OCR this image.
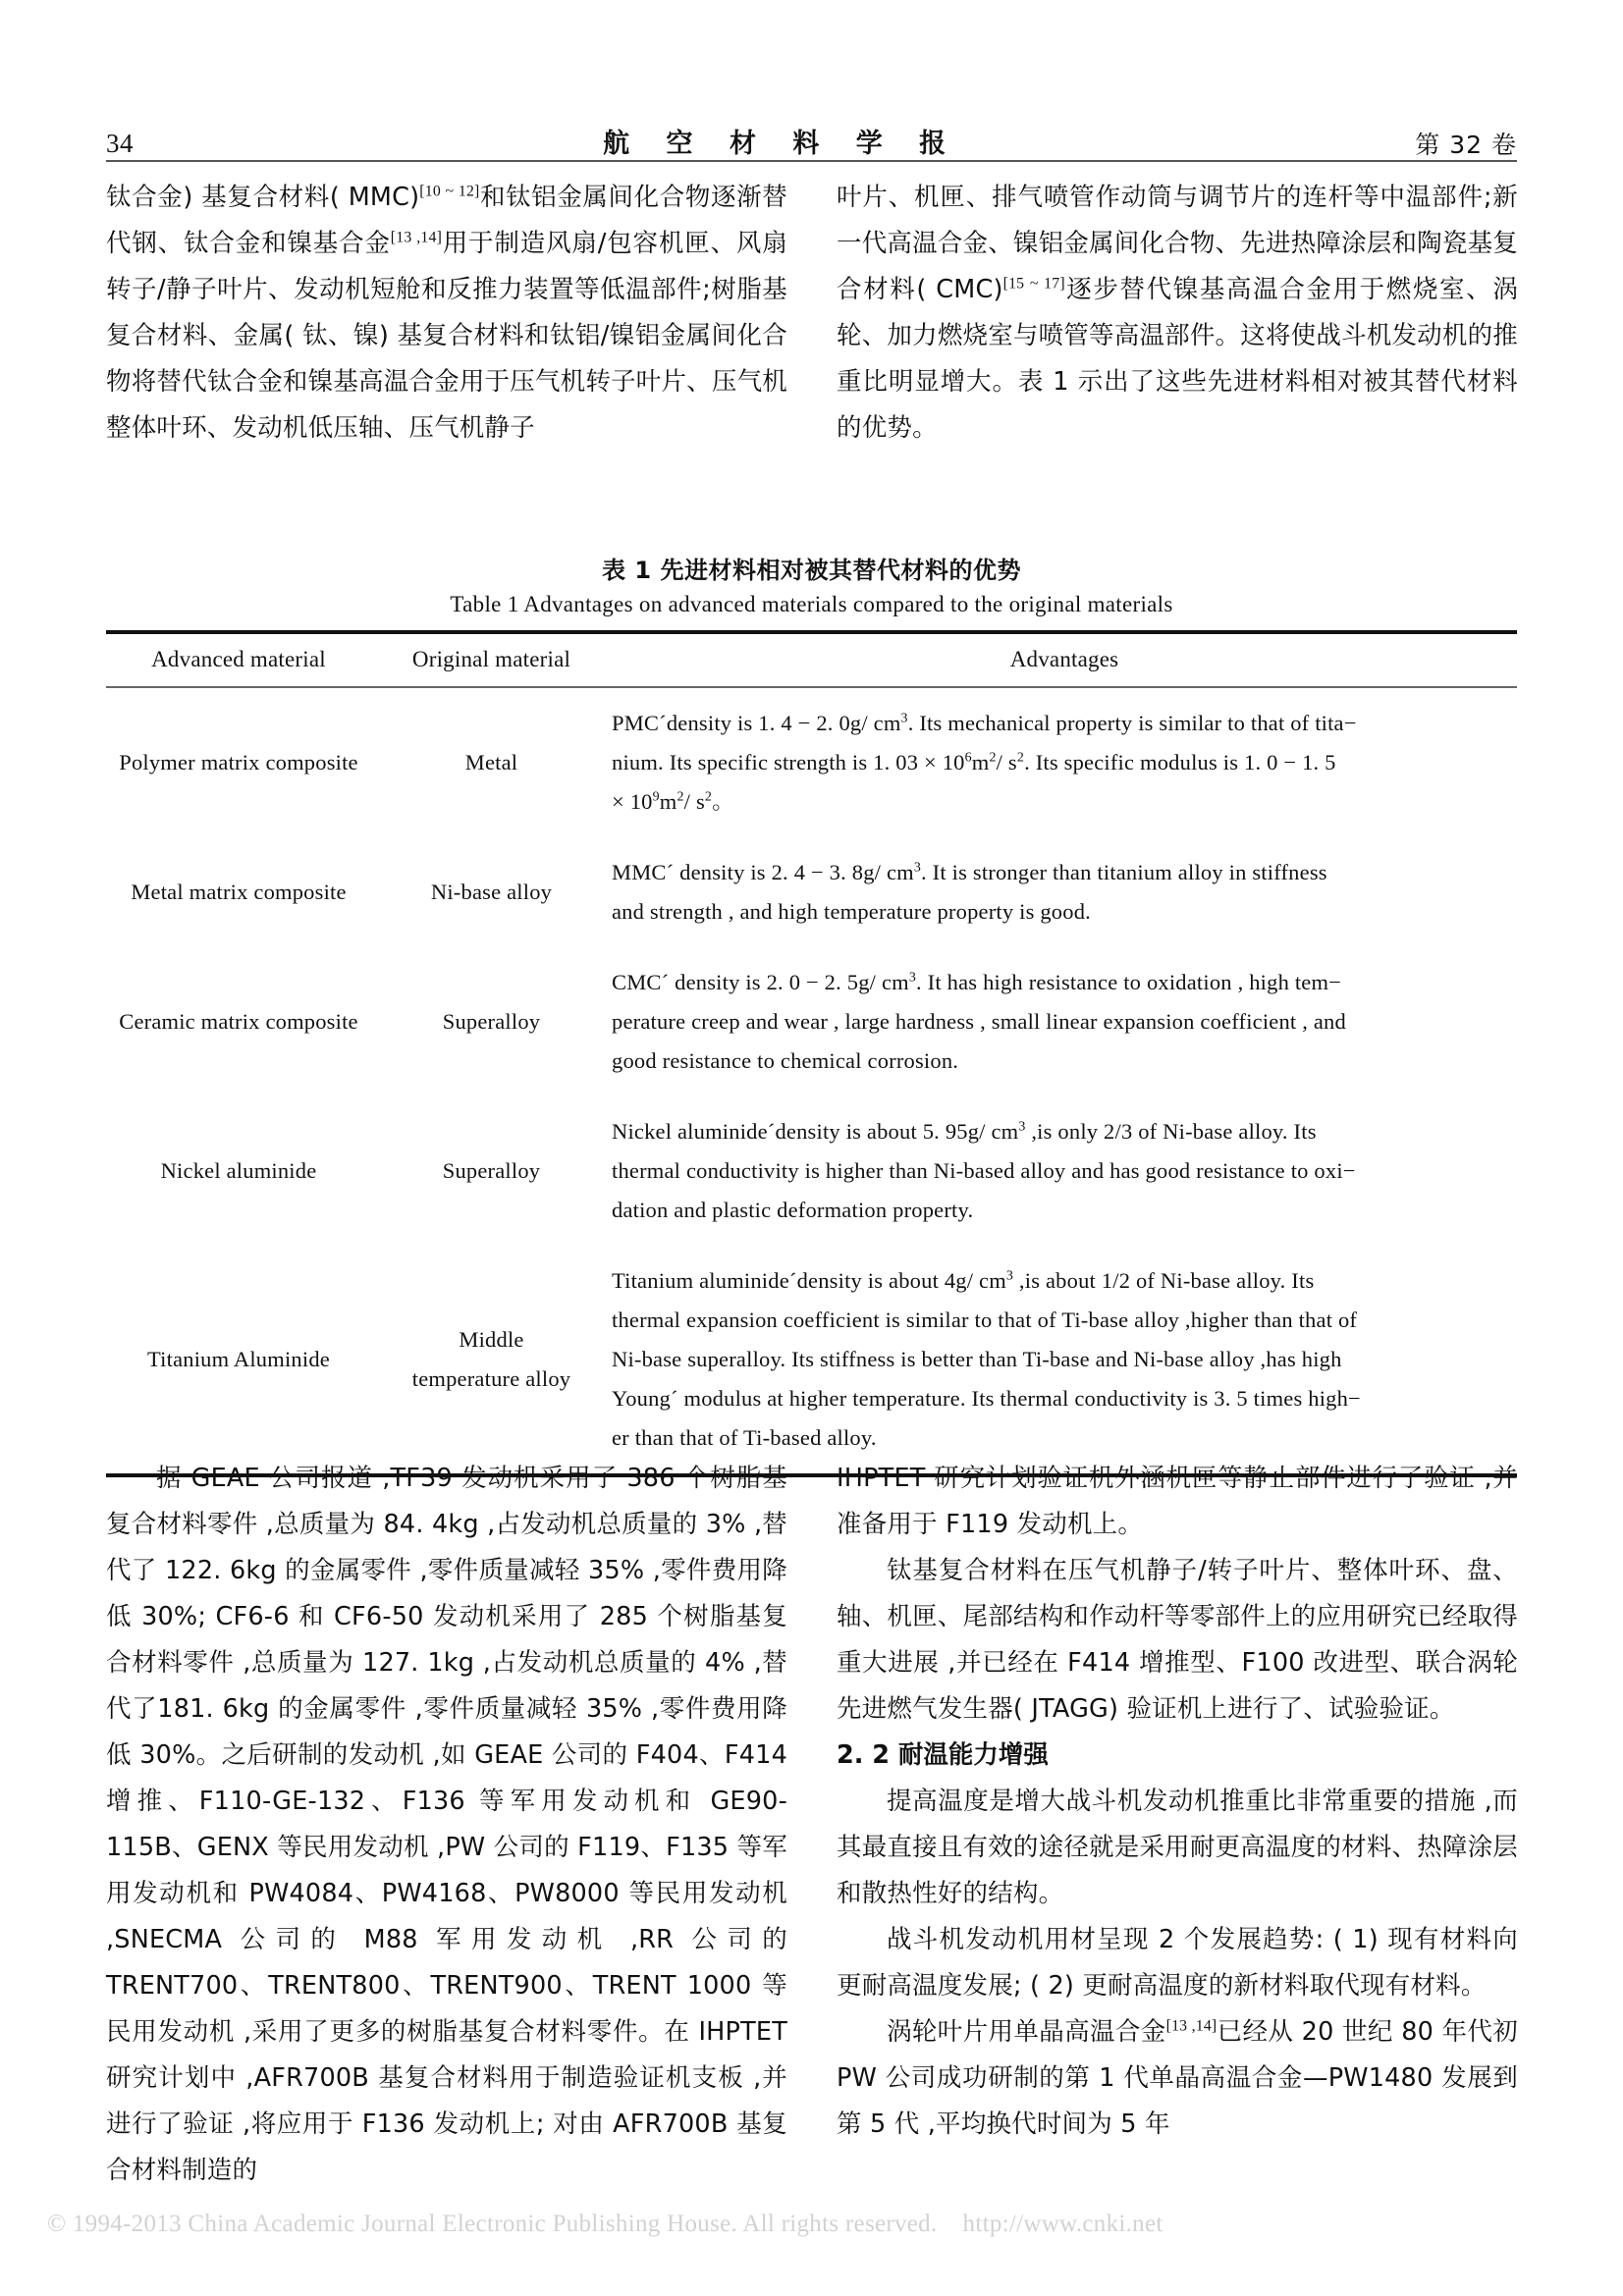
34	航 空 材 料 学 报	第 32 卷

钛合金) 基复合材料( MMC)[10 ~ 12]和钛铝金属间化合物逐渐替代钢、钛合金和镍基合金[13 ,14]用于制造风扇/包容机匣、风扇转子/静子叶片、发动机短舱和反推力装置等低温部件;树脂基复合材料、金属( 钛、镍) 基复合材料和钛铝/镍铝金属间化合物将替代钛合金和镍基高温合金用于压气机转子叶片、压气机整体叶环、发动机低压轴、压气机静子

叶片、机匣、排气喷管作动筒与调节片的连杆等中温部件;新一代高温合金、镍铝金属间化合物、先进热障涂层和陶瓷基复合材料( CMC)[15 ~ 17]逐步替代镍基高温合金用于燃烧室、涡轮、加力燃烧室与喷管等高温部件。这将使战斗机发动机的推重比明显增大。表 1 示出了这些先进材料相对被其替代材料的优势。

表 1 先进材料相对被其替代材料的优势
Table 1 Advantages on advanced materials compared to the original materials
Advanced material	Original material	Advantages
Polymer matrix composite	Metal	PMC´density is 1. 4 − 2. 0g/ $cm^3$. Its mechanical property is similar to that of tita−
nium. Its specific strength is 1. $03 \times 10^6m^2/$ $s^2$. Its specific modulus is 1. 0 − 1. 5
× $10^9m^2/$ $s^2$。

Metal matrix composite	Ni-base alloy	MMC´ density is 2. 4 − 3. 8g/ $cm^3$. It is stronger than titanium alloy in stiffness
and strength , and high temperature property is good.

Ceramic matrix composite	Superalloy	CMC´ density is 2. 0 − 2. 5g/ $cm^3$. It has high resistance to oxidation , high tem−
perature creep and wear , large hardness , small linear expansion coefficient , and
good resistance to chemical corrosion.

Nickel aluminide	Superalloy	Nickel aluminide´density is about 5. 95g/ $cm^3$ ,is only 2/3 of Ni-base alloy. Its
thermal conductivity is higher than Ni-based alloy and has good resistance to oxi−
dation and plastic deformation property.

Titanium Aluminide	Middle
temperature alloy	Titanium aluminide´density is about 4g/ $cm^3$ ,is about 1/2 of Ni-base alloy. Its
thermal expansion coefficient is similar to that of Ti-base alloy ,higher than that of
Ni-base superalloy. Its stiffness is better than Ti-base and Ni-base alloy ,has high
Young´ modulus at higher temperature. Its thermal conductivity is 3. 5 times high−
er than that of Ti-based alloy.

据 GEAE 公司报道 ,TF39 发动机采用了 386 个树脂基复合材料零件 ,总质量为 84. 4kg ,占发动机总质量的 3% ,替代了 122. 6kg 的金属零件 ,零件质量减轻 35% ,零件费用降低 30%; CF6-6 和 CF6-50 发动机采用了 285 个树脂基复合材料零件 ,总质量为 127. 1kg ,占发动机总质量的 4% ,替代了181. 6kg 的金属零件 ,零件质量减轻 35% ,零件费用降低 30%。之后研制的发动机 ,如 GEAE 公司的 F404、F414 增推、F110-GE-132、F136 等军用发动机和 GE90-115B、GENX 等民用发动机 ,PW 公司的 F119、F135 等军用发动机和 PW4084、PW4168、PW8000 等民用发动机 ,SNECMA 公司的 M88 军用发动机 ,RR 公司的 TRENT700、TRENT800、TRENT900、TRENT 1000 等民用发动机 ,采用了更多的树脂基复合材料零件。在 IHPTET 研究计划中 ,AFR700B 基复合材料用于制造验证机支板 ,并进行了验证 ,将应用于 F136 发动机上; 对由 AFR700B 基复合材料制造的

IHPTET 研究计划验证机外涵机匣等静止部件进行了验证 ,并准备用于 F119 发动机上。

钛基复合材料在压气机静子/转子叶片、整体叶环、盘、轴、机匣、尾部结构和作动杆等零部件上的应用研究已经取得重大进展 ,并已经在 F414 增推型、F100 改进型、联合涡轮先进燃气发生器( JTAGG) 验证机上进行了、试验验证。

2. 2 耐温能力增强

提高温度是增大战斗机发动机推重比非常重要的措施 ,而其最直接且有效的途径就是采用耐更高温度的材料、热障涂层和散热性好的结构。

战斗机发动机用材呈现 2 个发展趋势: ( 1) 现有材料向更耐高温度发展; ( 2) 更耐高温度的新材料取代现有材料。

涡轮叶片用单晶高温合金[13 ,14]已经从 20 世纪 80 年代初 PW 公司成功研制的第 1 代单晶高温合金—PW1480 发展到第 5 代 ,平均换代时间为 5 年

© 1994-2013 China Academic Journal Electronic Publishing House. All rights reserved. http://www.cnki.net
